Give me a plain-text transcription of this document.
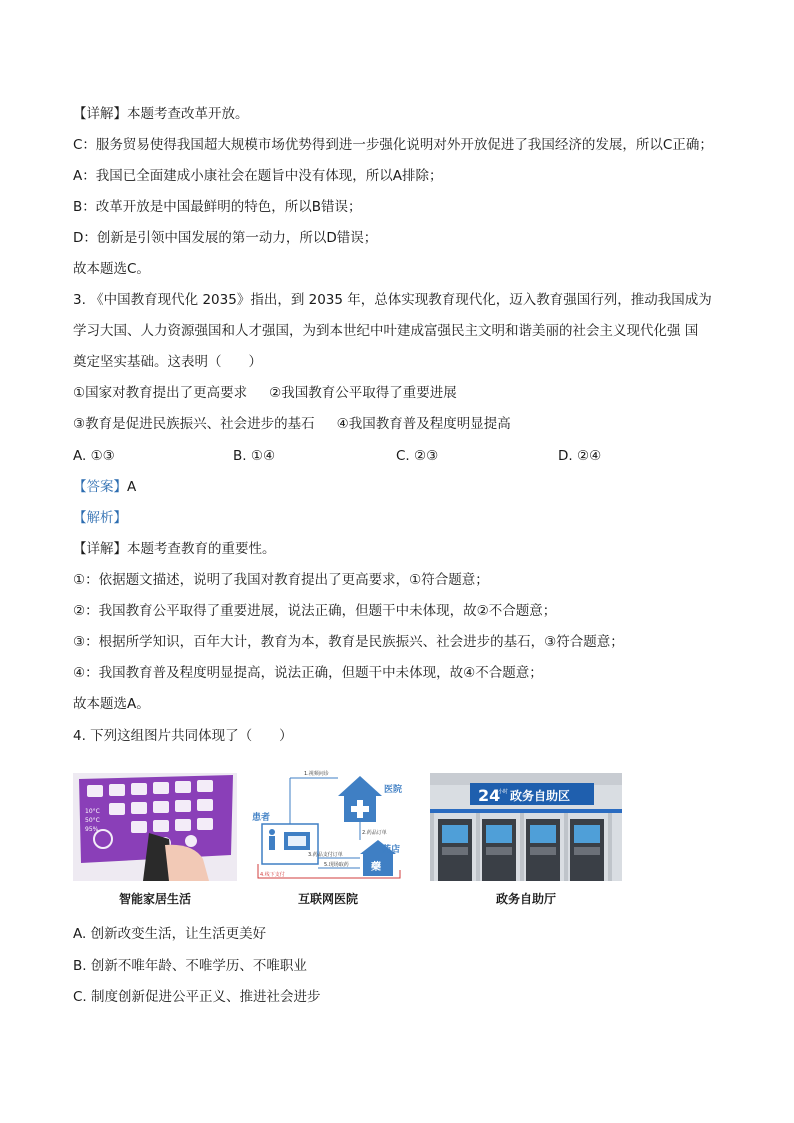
【详解】本题考查改革开放。
C：服务贸易使得我国超大规模市场优势得到进一步强化说明对外开放促进了我国经济的发展，所以C正确；
A：我国已全面建成小康社会在题旨中没有体现，所以A排除；
B：改革开放是中国最鲜明的特色，所以B错误；
D：创新是引领中国发展的第一动力，所以D错误；
故本题选C。
3. 《中国教育现代化 2035》指出，到 2035 年，总体实现教育现代化，迈入教育强国行列，推动我国成为
学习大国、人力资源强国和人才强国，为到本世纪中叶建成富强民主文明和谐美丽的社会主义现代化强 国
奠定坚实基础。这表明（　　）
①国家对教育提出了更高要求 ②我国教育公平取得了重要进展
③教育是促进民族振兴、社会进步的基石 ④我国教育普及程度明显提高
A. ①③	B. ①④	C. ②③	D. ②④
【答案】A
【解析】
【详解】本题考查教育的重要性。
①：依据题文描述，说明了我国对教育提出了更高要求，①符合题意；
②：我国教育公平取得了重要进展，说法正确，但题干中未体现，故②不合题意；
③：根据所学知识，百年大计，教育为本，教育是民族振兴、社会进步的基石，③符合题意；
④：我国教育普及程度明显提高，说法正确，但题干中未体现，故④不合题意；
故本题选A。
4. 下列这组图片共同体现了（　　）
10°C
50°C
95%
智能家居生活
医院
藥
药店
患者
1.视频问诊
2.药品订单
3.药品支付订单
5.现场取药
4.线下支付
互联网医院
24
小时 政务自助区
政务自助厅
A. 创新改变生活，让生活更美好
B. 创新不唯年龄、不唯学历、不唯职业
C. 制度创新促进公平正义、推进社会进步
